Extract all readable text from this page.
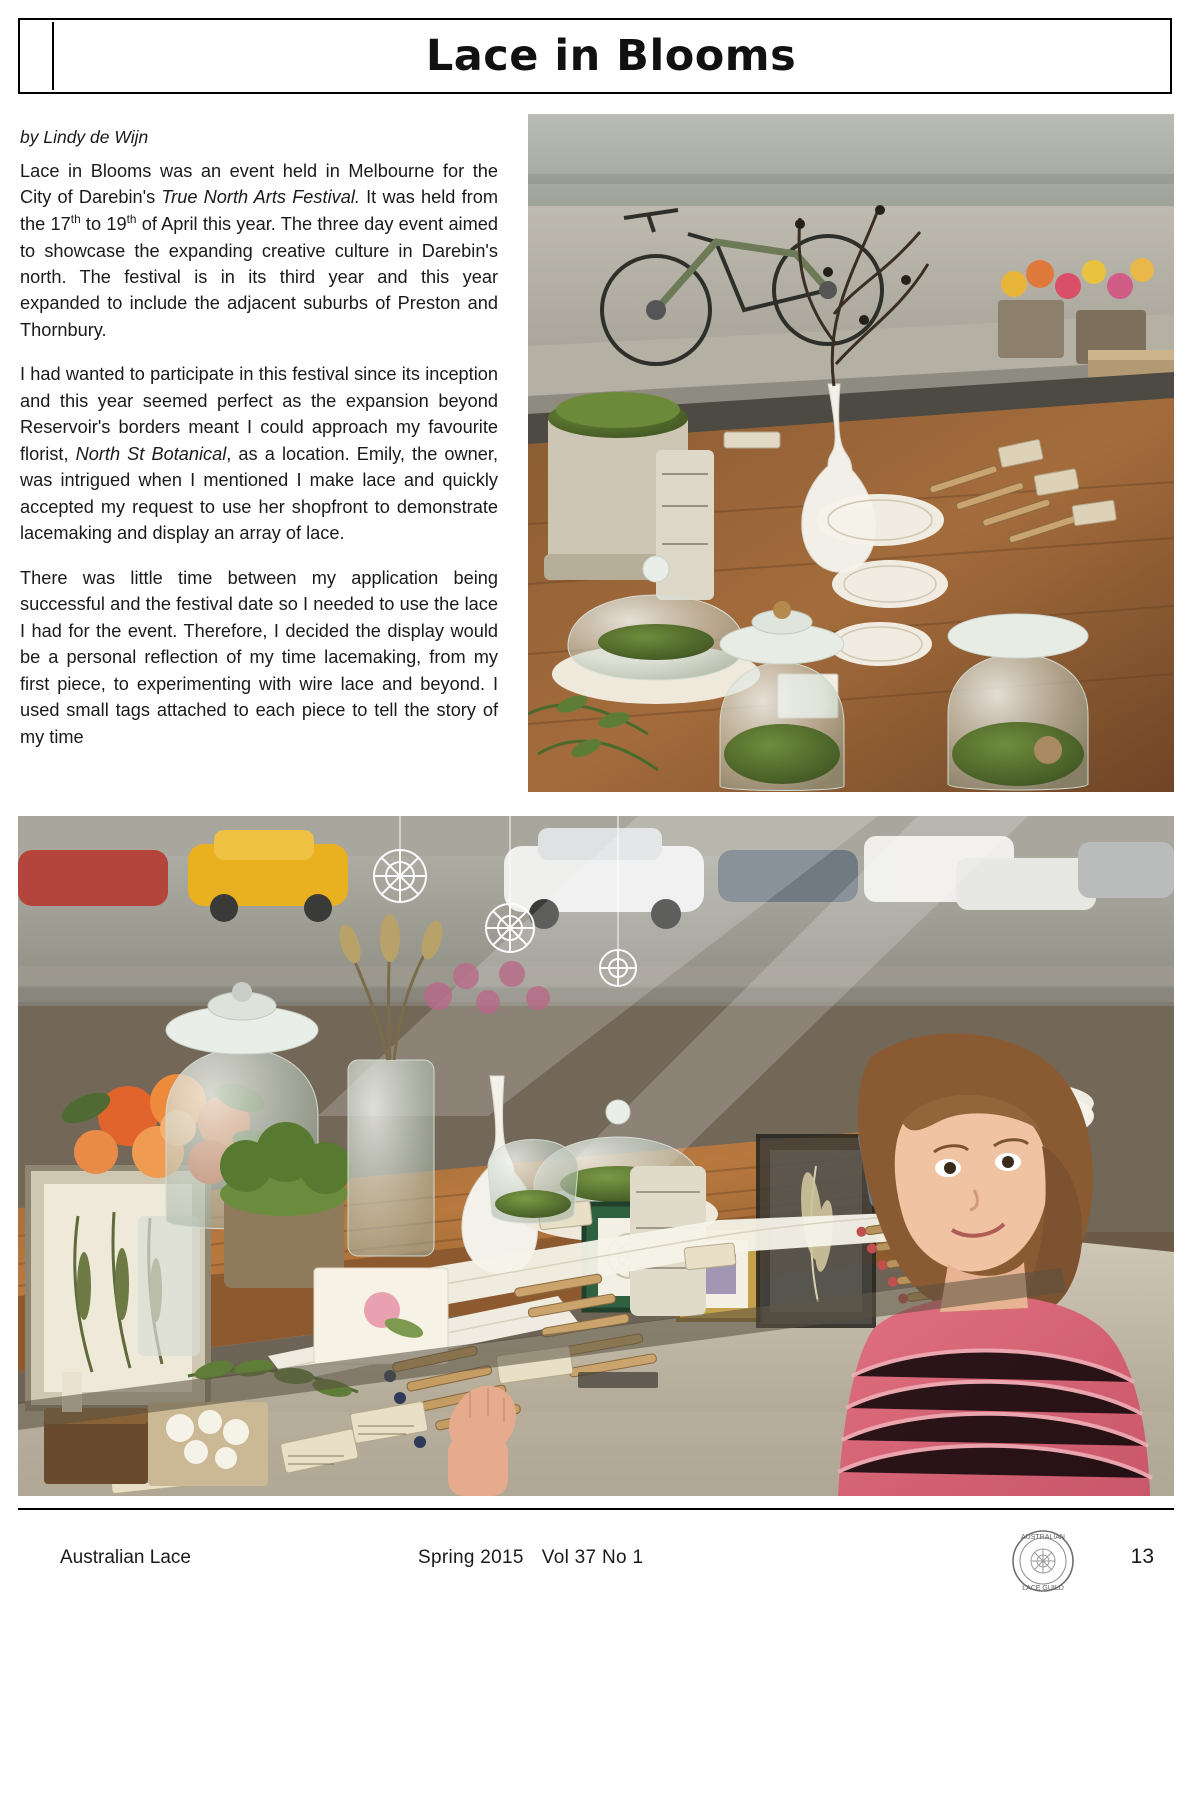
Lace in Blooms
by Lindy de Wijn

Lace in Blooms was an event held in Melbourne for the City of Darebin's True North Arts Festival. It was held from the 17th to 19th of April this year. The three day event aimed to showcase the expanding creative culture in Darebin's north. The festival is in its third year and this year expanded to include the adjacent suburbs of Preston and Thornbury.

I had wanted to participate in this festival since its inception and this year seemed perfect as the expansion beyond Reservoir's borders meant I could approach my favourite florist, North St Botanical, as a location. Emily, the owner, was intrigued when I mentioned I make lace and quickly accepted my request to use her shopfront to demonstrate lacemaking and display an array of lace.

There was little time between my application being successful and the festival date so I needed to use the lace I had for the event. Therefore, I decided the display would be a personal reflection of my time lacemaking, from my first piece, to experimenting with wire lace and beyond. I used small tags attached to each piece to tell the story of my time

Australian Lace	Spring 2015 Vol 37 No 1
AUSTRALIAN
LACE GUILD
13
